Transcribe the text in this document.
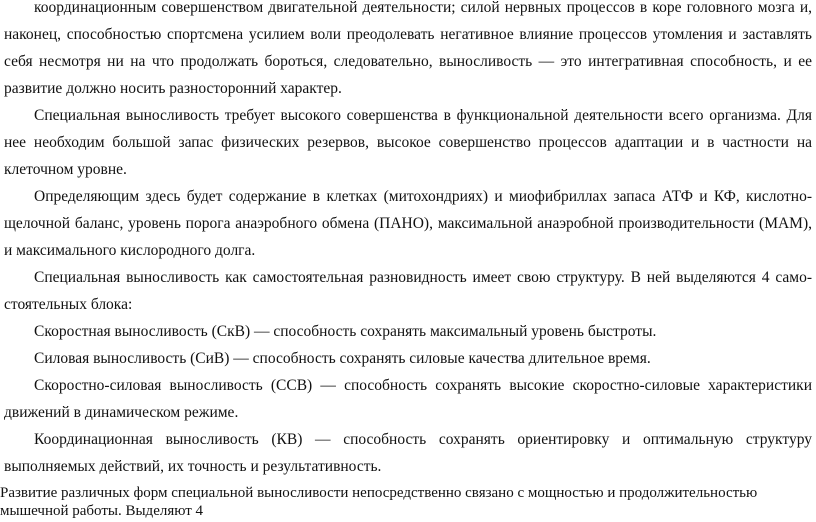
координационным совершенством двигательной деятельности; силой нервных процессов в коре головного мозга и, наконец, способностью спортсмена усилием воли преодолевать негативное влияние процессов утомления и заставлять себя несмотря ни на что продолжать бороться, следовательно, выносливость — это интегративная способность, и ее развитие должно носить разносторонний характер.

Специальная выносливость требует высокого совершенства в функциональной деятельности всего организма. Для нее необходим большой запас физических резервов, высокое совершенство процессов адаптации и в частности на клеточном уровне.

Определяющим здесь будет содержание в клетках (митохондриях) и миофибриллах запаса АТФ и КФ, кислотно-щелочной баланс, уровень порога анаэробного обмена (ПАНО), максимальной анаэробной производительности (МАМ), и максимального кислородного долга.

Специальная выносливость как самостоятельная разновидность имеет свою структуру. В ней выделяются 4 самостоятельных блока:

Скоростная выносливость (СкВ) — способность сохранять максимальный уровень быстроты.

Силовая выносливость (СиВ) — способность сохранять силовые качества длительное время.

Скоростно-силовая выносливость (ССВ) — способность сохранять высокие скоростно-силовые характеристики движений в динамическом режиме.

Координационная выносливость (КВ) — способность сохранять ориентировку и оптимальную структуру выполняемых действий, их точность и результативность.

Развитие различных форм специальной выносливости непосредственно связано с мощностью и продолжительностью мышечной работы. Выделяют 4
